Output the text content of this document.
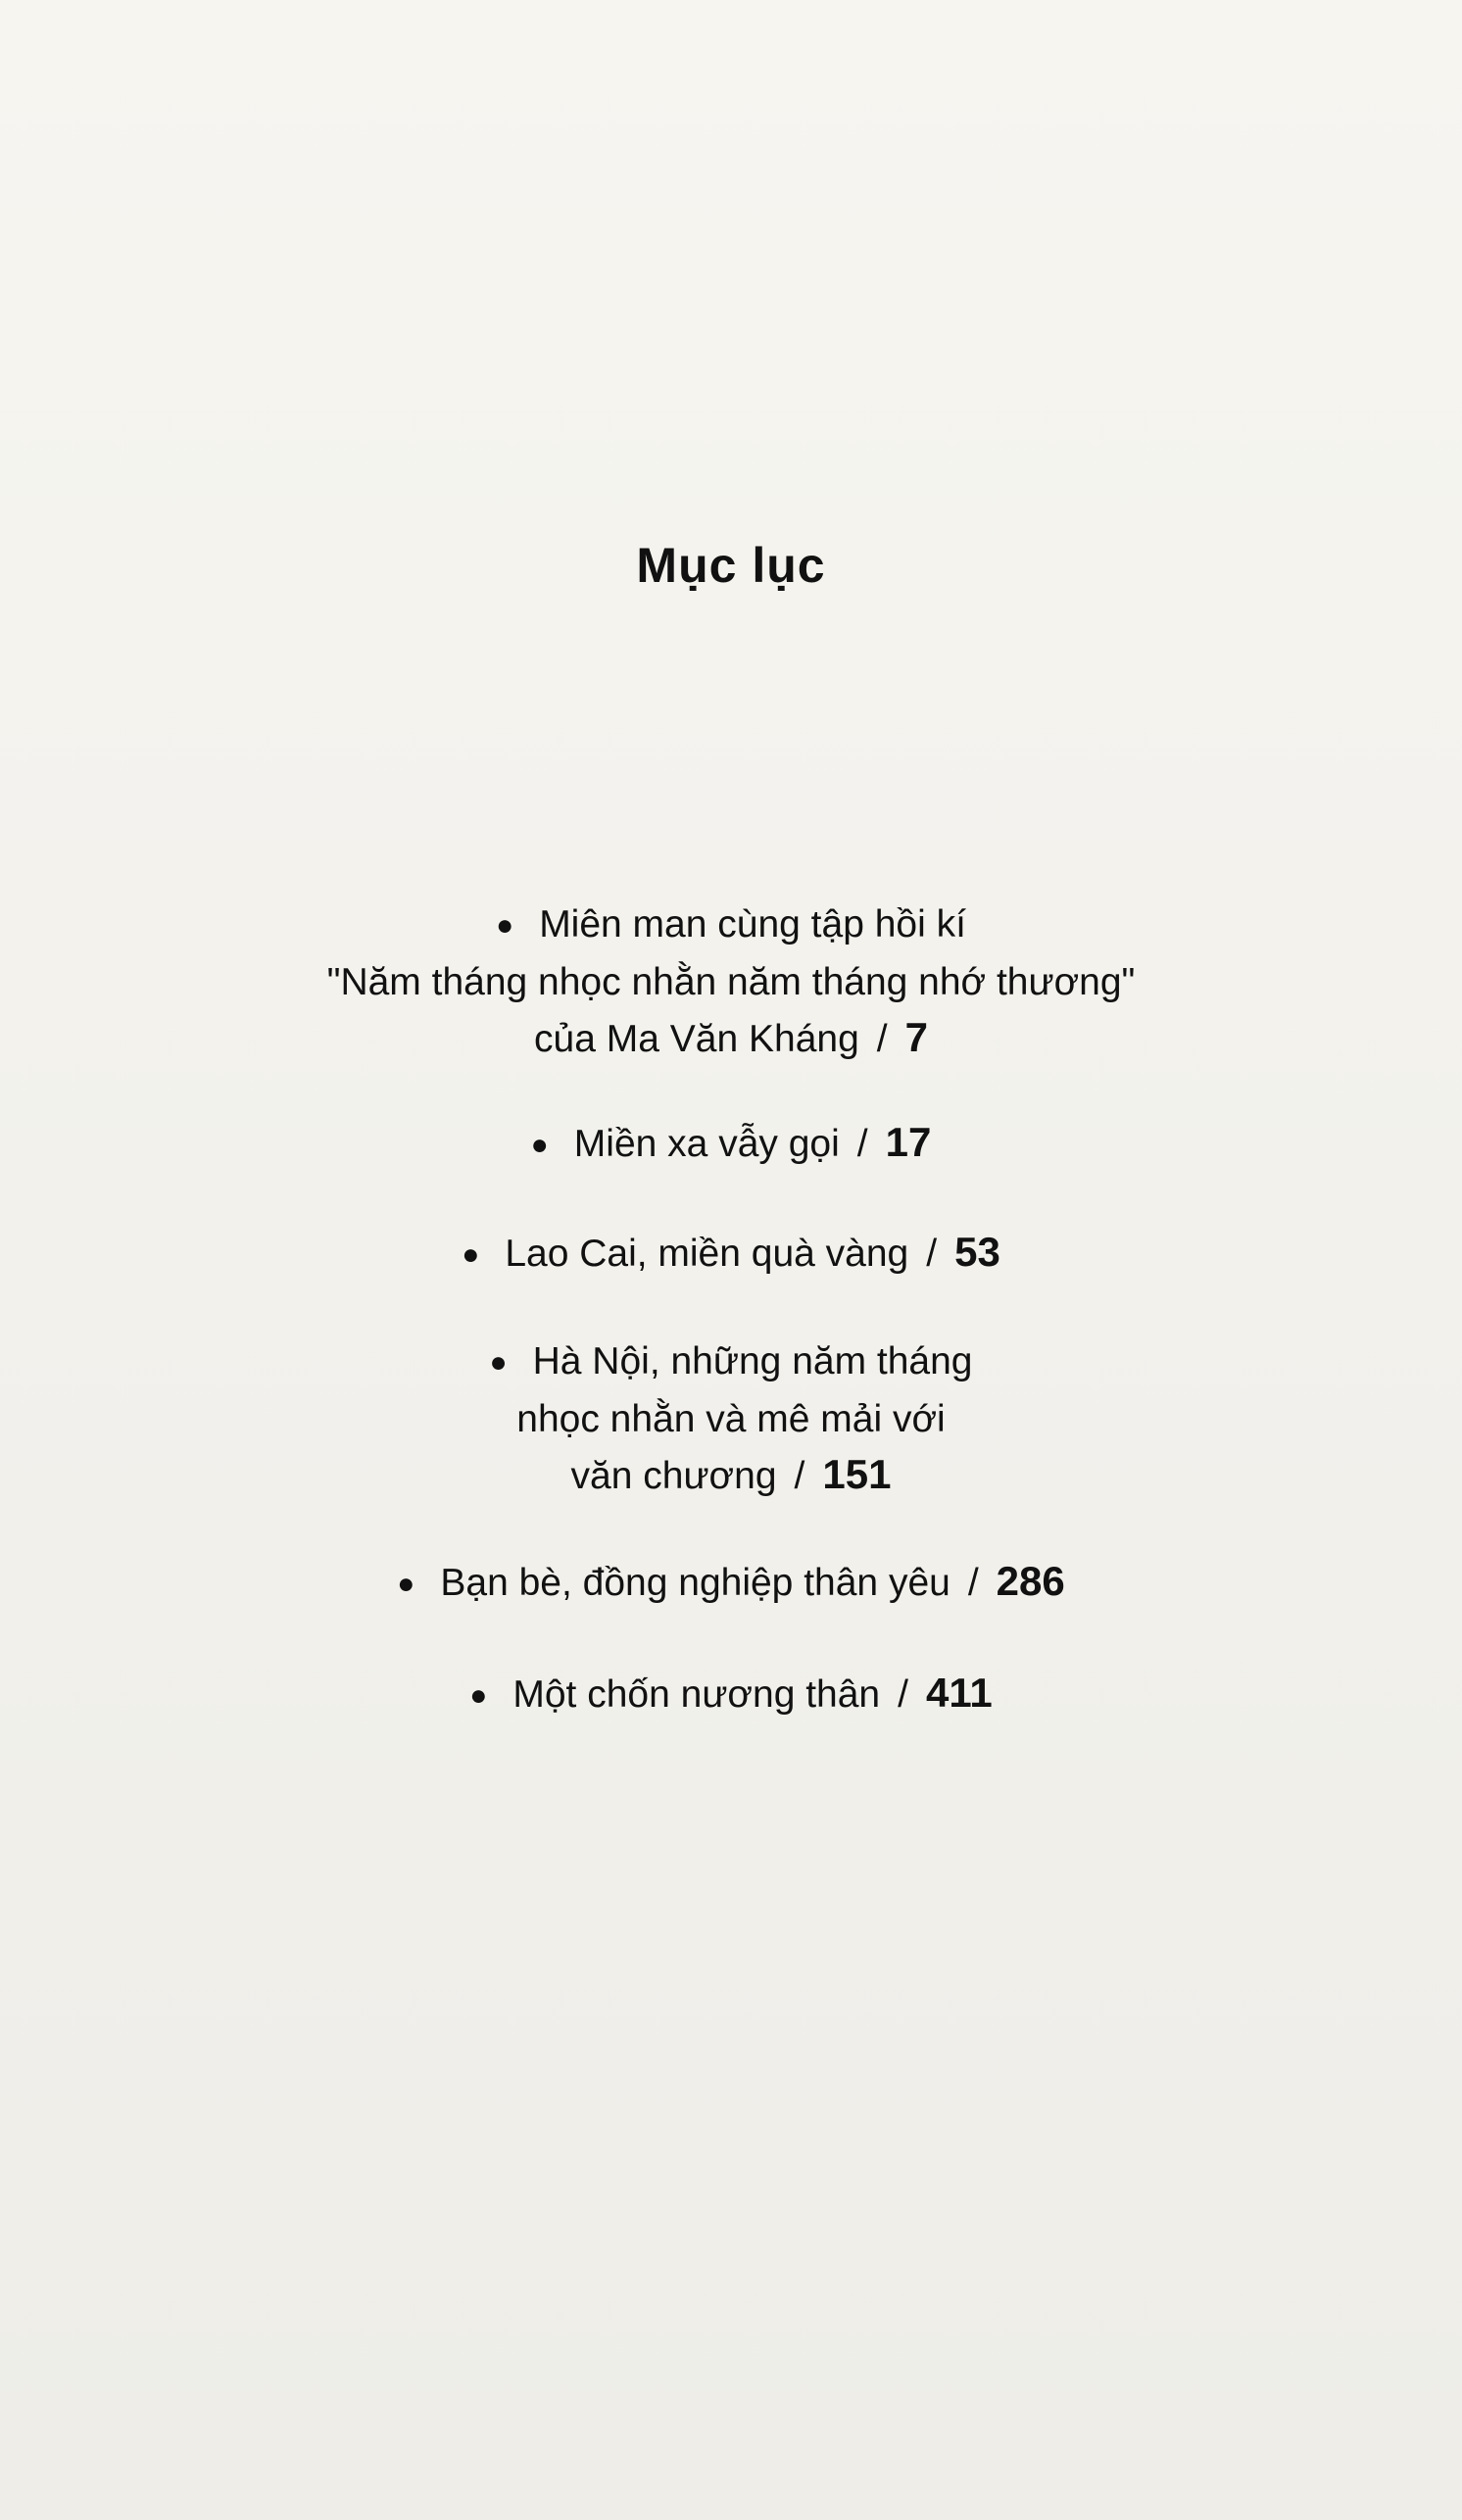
Mục lục
● Miên man cùng tập hồi kí
"Năm tháng nhọc nhằn năm tháng nhớ thương"
của Ma Văn Kháng / 7
● Miền xa vẫy gọi / 17
● Lao Cai, miền quà vàng / 53
● Hà Nội, những năm tháng
nhọc nhằn và mê mải với
văn chương / 151
● Bạn bè, đồng nghiệp thân yêu / 286
● Một chốn nương thân / 411
